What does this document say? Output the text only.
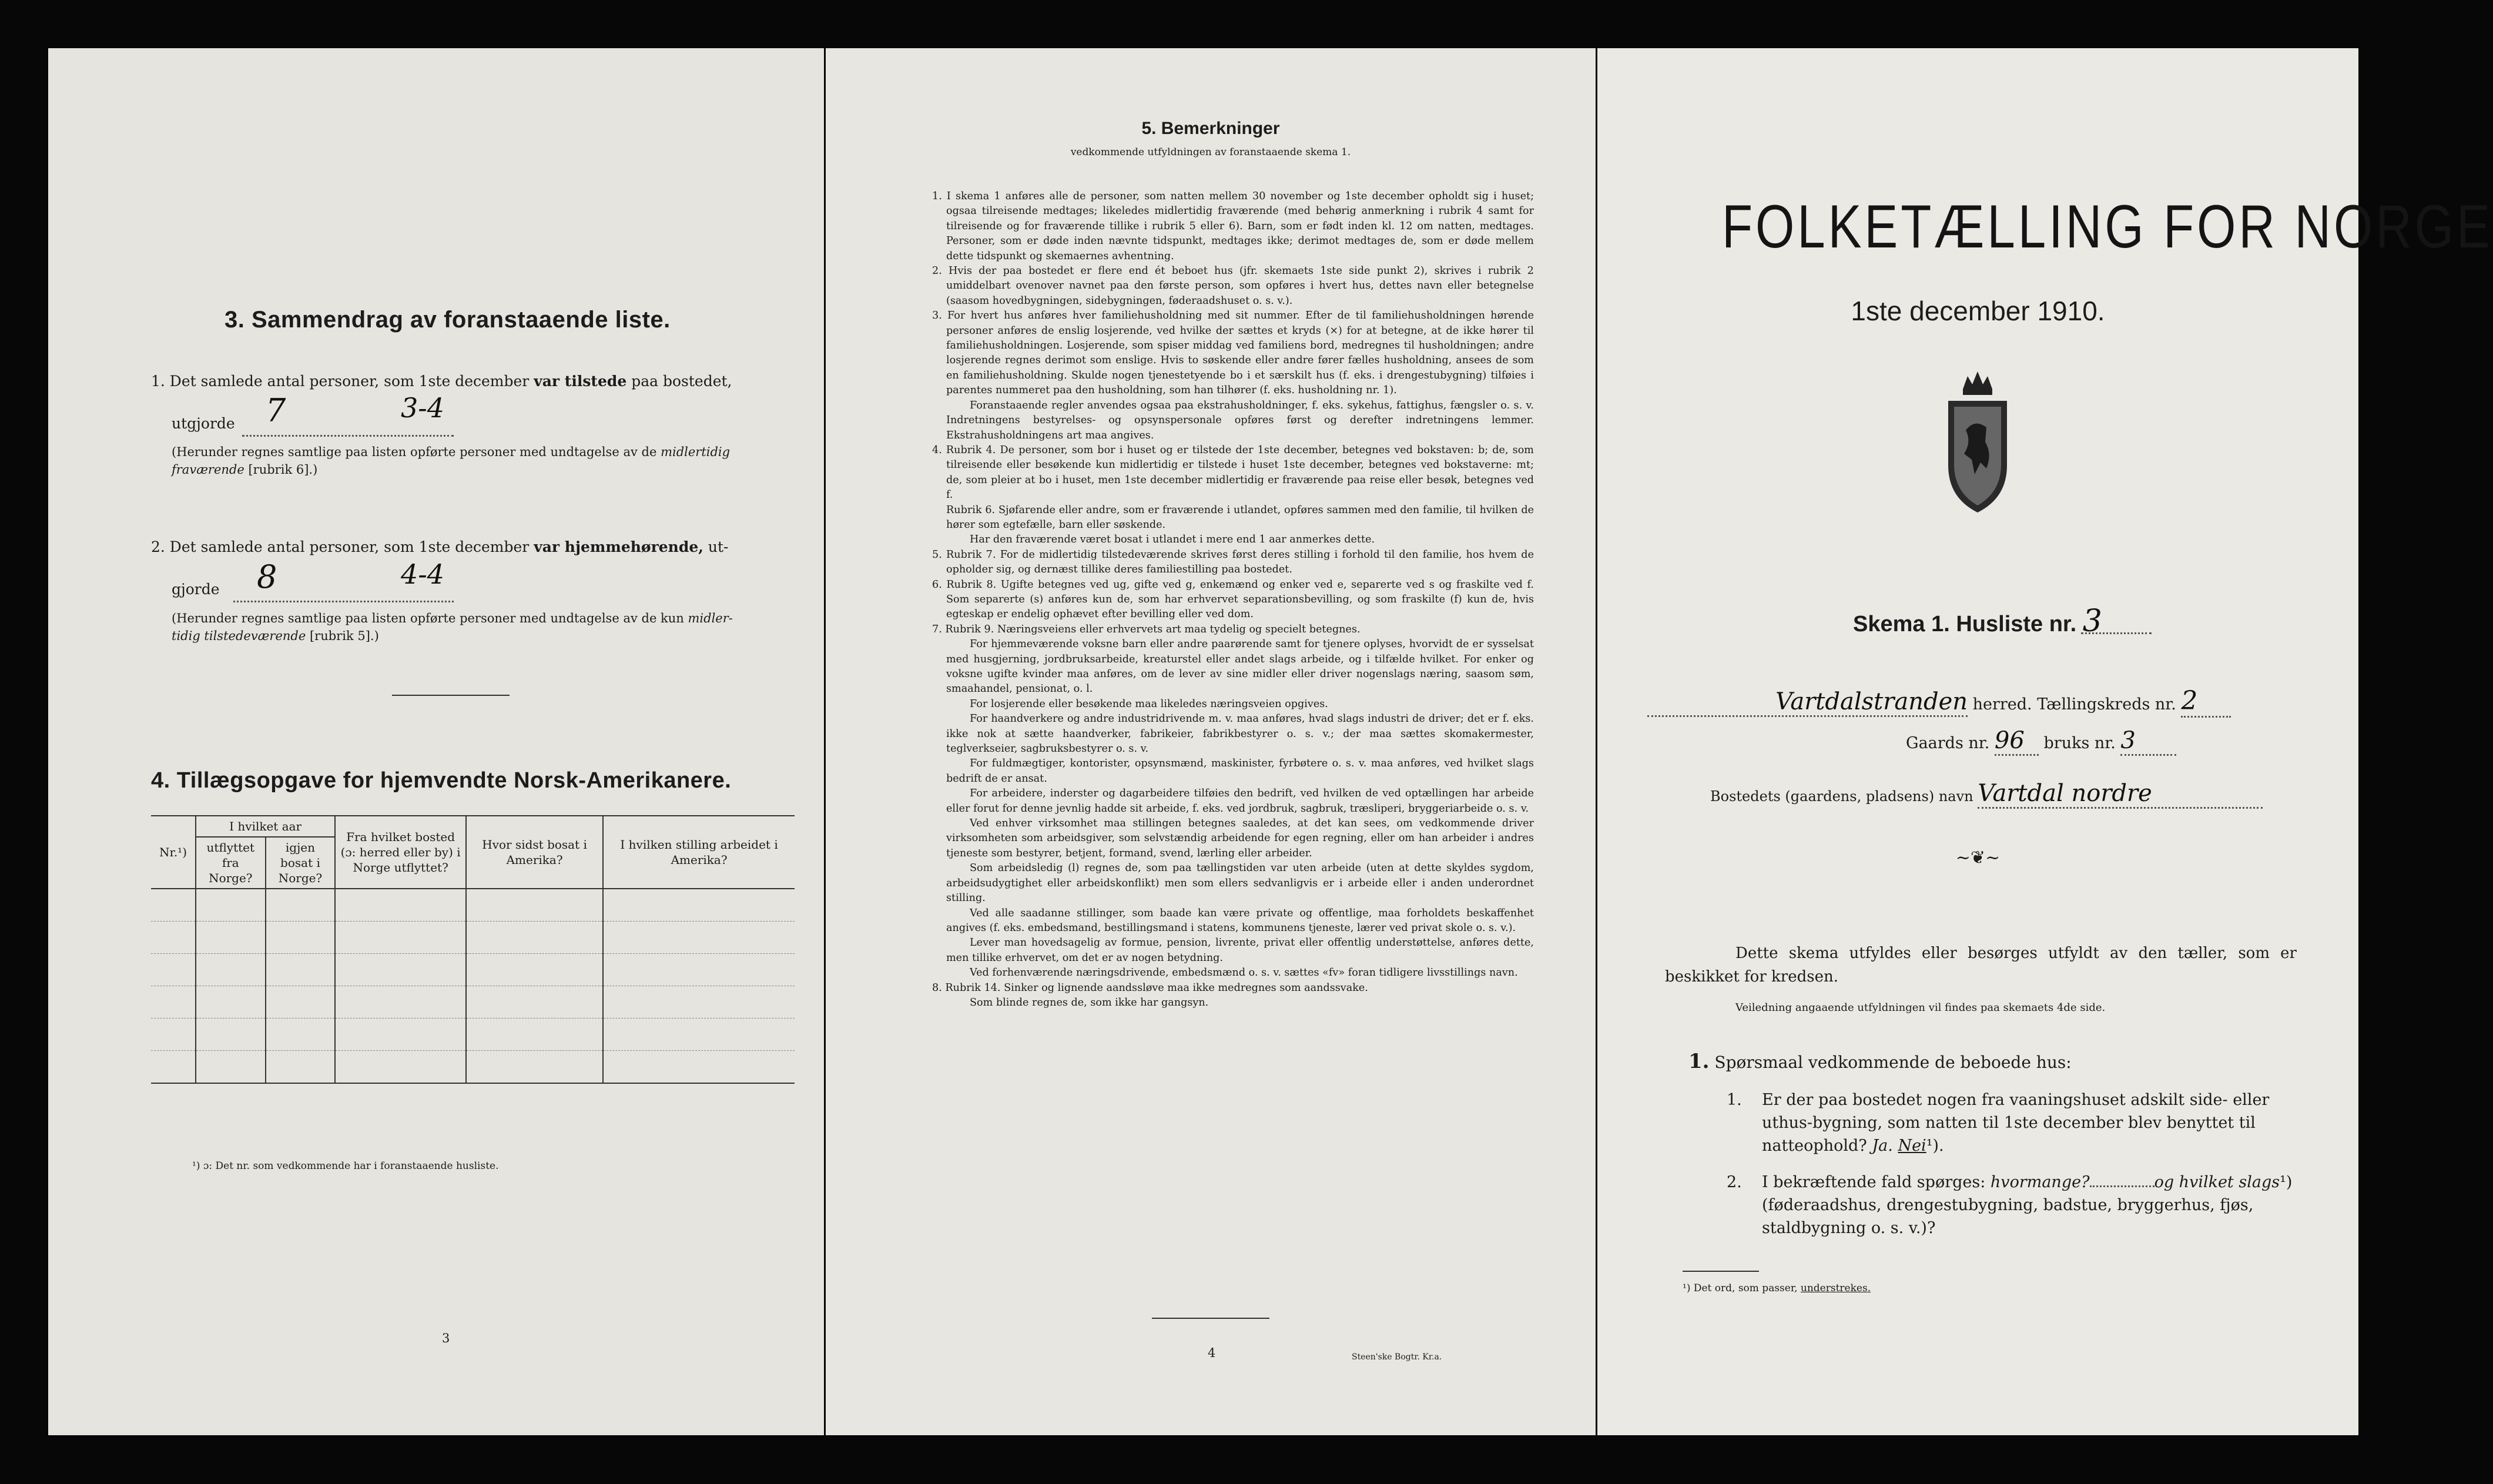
3. Sammendrag av foranstaaende liste.
1. Det samlede antal personer, som 1ste december var tilstede paa bostedet,
utgjorde 7	3-4
(Herunder regnes samtlige paa listen opførte personer med undtagelse av de midlertidig
fraværende [rubrik 6].)
2. Det samlede antal personer, som 1ste december var hjemmehørende, ut-
gjorde 8	4-4
(Herunder regnes samtlige paa listen opførte personer med undtagelse av de kun midler-
tidig tilstedeværende [rubrik 5].)
4. Tillægsopgave for hjemvendte Norsk-Amerikanere.
Nr.¹)	I hvilket aar		Fra hvilket bosted (ɔ: herred eller by) i Norge utflyttet?	Hvor sidst bosat i Amerika?	I hvilken stilling arbeidet i Amerika?
	utflyttet fra Norge?	igjen bosat i Norge?			

¹) ɔ: Det nr. som vedkommende har i foranstaaende husliste.
3
5. Bemerkninger
vedkommende utfyldningen av foranstaaende skema 1.

1. I skema 1 anføres alle de personer, som natten mellem 30 november og 1ste december opholdt sig i huset; ogsaa tilreisende medtages; likeledes midlertidig fraværende (med behørig anmerkning i rubrik 4 samt for tilreisende og for fraværende tillike i rubrik 5 eller 6). Barn, som er født inden kl. 12 om natten, medtages. Personer, som er døde inden nævnte tidspunkt, medtages ikke; derimot medtages de, som er døde mellem dette tidspunkt og skemaernes avhentning.

2. Hvis der paa bostedet er flere end ét beboet hus (jfr. skemaets 1ste side punkt 2), skrives i rubrik 2 umiddelbart ovenover navnet paa den første person, som opføres i hvert hus, dettes navn eller betegnelse (saasom hovedbygningen, sidebygningen, føderaadshuset o. s. v.).

3. For hvert hus anføres hver familiehusholdning med sit nummer. Efter de til familiehusholdningen hørende personer anføres de enslig losjerende, ved hvilke der sættes et kryds (×) for at betegne, at de ikke hører til familiehusholdningen. Losjerende, som spiser middag ved familiens bord, medregnes til husholdningen; andre losjerende regnes derimot som enslige. Hvis to søskende eller andre fører fælles husholdning, ansees de som en familiehusholdning. Skulde nogen tjenestetyende bo i et særskilt hus (f. eks. i drengestubygning) tilføies i parentes nummeret paa den husholdning, som han tilhører (f. eks. husholdning nr. 1).

Foranstaaende regler anvendes ogsaa paa ekstrahusholdninger, f. eks. sykehus, fattighus, fængsler o. s. v. Indretningens bestyrelses- og opsynspersonale opføres først og derefter indretningens lemmer. Ekstrahusholdningens art maa angives.

4. Rubrik 4. De personer, som bor i huset og er tilstede der 1ste december, betegnes ved bokstaven: b; de, som tilreisende eller besøkende kun midlertidig er tilstede i huset 1ste december, betegnes ved bokstaverne: mt; de, som pleier at bo i huset, men 1ste december midlertidig er fraværende paa reise eller besøk, betegnes ved f.

Rubrik 6. Sjøfarende eller andre, som er fraværende i utlandet, opføres sammen med den familie, til hvilken de hører som egtefælle, barn eller søskende.

Har den fraværende været bosat i utlandet i mere end 1 aar anmerkes dette.

5. Rubrik 7. For de midlertidig tilstedeværende skrives først deres stilling i forhold til den familie, hos hvem de opholder sig, og dernæst tillike deres familiestilling paa bostedet.

6. Rubrik 8. Ugifte betegnes ved ug, gifte ved g, enkemænd og enker ved e, separerte ved s og fraskilte ved f. Som separerte (s) anføres kun de, som har erhvervet separationsbevilling, og som fraskilte (f) kun de, hvis egteskap er endelig ophævet efter bevilling eller ved dom.

7. Rubrik 9. Næringsveiens eller erhvervets art maa tydelig og specielt betegnes.

For hjemmeværende voksne barn eller andre paarørende samt for tjenere oplyses, hvorvidt de er sysselsat med husgjerning, jordbruksarbeide, kreaturstel eller andet slags arbeide, og i tilfælde hvilket. For enker og voksne ugifte kvinder maa anføres, om de lever av sine midler eller driver nogenslags næring, saasom søm, smaahandel, pensionat, o. l.

For losjerende eller besøkende maa likeledes næringsveien opgives.

For haandverkere og andre industridrivende m. v. maa anføres, hvad slags industri de driver; det er f. eks. ikke nok at sætte haandverker, fabrikeier, fabrikbestyrer o. s. v.; der maa sættes skomakermester, teglverkseier, sagbruksbestyrer o. s. v.

For fuldmægtiger, kontorister, opsynsmænd, maskinister, fyrbøtere o. s. v. maa anføres, ved hvilket slags bedrift de er ansat.

For arbeidere, inderster og dagarbeidere tilføies den bedrift, ved hvilken de ved optællingen har arbeide eller forut for denne jevnlig hadde sit arbeide, f. eks. ved jordbruk, sagbruk, træsliperi, bryggeriarbeide o. s. v.

Ved enhver virksomhet maa stillingen betegnes saaledes, at det kan sees, om vedkommende driver virksomheten som arbeidsgiver, som selvstændig arbeidende for egen regning, eller om han arbeider i andres tjeneste som bestyrer, betjent, formand, svend, lærling eller arbeider.

Som arbeidsledig (l) regnes de, som paa tællingstiden var uten arbeide (uten at dette skyldes sygdom, arbeidsudygtighet eller arbeidskonflikt) men som ellers sedvanligvis er i arbeide eller i anden underordnet stilling.

Ved alle saadanne stillinger, som baade kan være private og offentlige, maa forholdets beskaffenhet angives (f. eks. embedsmand, bestillingsmand i statens, kommunens tjeneste, lærer ved privat skole o. s. v.).

Lever man hovedsagelig av formue, pension, livrente, privat eller offentlig understøttelse, anføres dette, men tillike erhvervet, om det er av nogen betydning.

Ved forhenværende næringsdrivende, embedsmænd o. s. v. sættes «fv» foran tidligere livsstillings navn.

8. Rubrik 14. Sinker og lignende aandssløve maa ikke medregnes som aandssvake.

Som blinde regnes de, som ikke har gangsyn.

4	Steen'ske Bogtr. Kr.a.
FOLKETÆLLING FOR NORGE
1ste december 1910.
Skema 1. Husliste nr. 3
Vartdalstranden herred. Tællingskreds nr. 2
Gaards nr. 96 bruks nr. 3
Bostedets (gaardens, pladsens) navn Vartdal nordre
~❦~
Dette skema utfyldes eller besørges utfyldt av den tæller, som er beskikket for kredsen.
Veiledning angaaende utfyldningen vil findes paa skemaets 4de side.
1. Spørsmaal vedkommende de beboede hus:
1.	Er der paa bostedet nogen fra vaaningshuset adskilt side- eller uthus-bygning, som natten til 1ste december blev benyttet til natteophold? Ja. Nei¹).
2.	I bekræftende fald spørges: hvormange?	og hvilket slags¹) (føderaadshus, drengestubygning, badstue, bryggerhus, fjøs, staldbygning o. s. v.)?
¹) Det ord, som passer, understrekes.
